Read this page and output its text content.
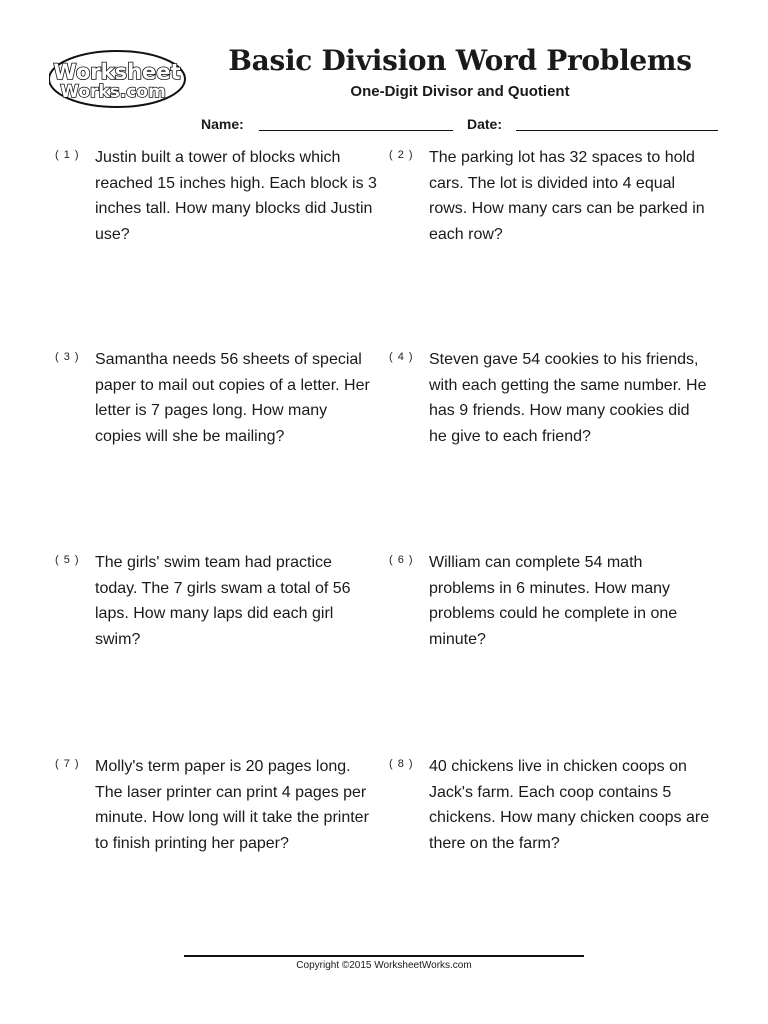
Worksheet
Works.com
Basic Division Word Problems
One-Digit Divisor and Quotient
Name:	Date:
( 1 ) Justin built a tower of blocks which reached 15 inches high. Each block is 3 inches tall. How many blocks did Justin use?
( 2 ) The parking lot has 32 spaces to hold cars. The lot is divided into 4 equal rows. How many cars can be parked in each row?
( 3 ) Samantha needs 56 sheets of special paper to mail out copies of a letter. Her letter is 7 pages long. How many copies will she be mailing?
( 4 ) Steven gave 54 cookies to his friends, with each getting the same number. He has 9 friends. How many cookies did he give to each friend?
( 5 ) The girls' swim team had practice today. The 7 girls swam a total of 56 laps. How many laps did each girl swim?
( 6 ) William can complete 54 math problems in 6 minutes. How many problems could he complete in one minute?
( 7 ) Molly's term paper is 20 pages long. The laser printer can print 4 pages per minute. How long will it take the printer to finish printing her paper?
( 8 ) 40 chickens live in chicken coops on Jack's farm. Each coop contains 5 chickens. How many chicken coops are there on the farm?
Copyright ©2015 WorksheetWorks.com
